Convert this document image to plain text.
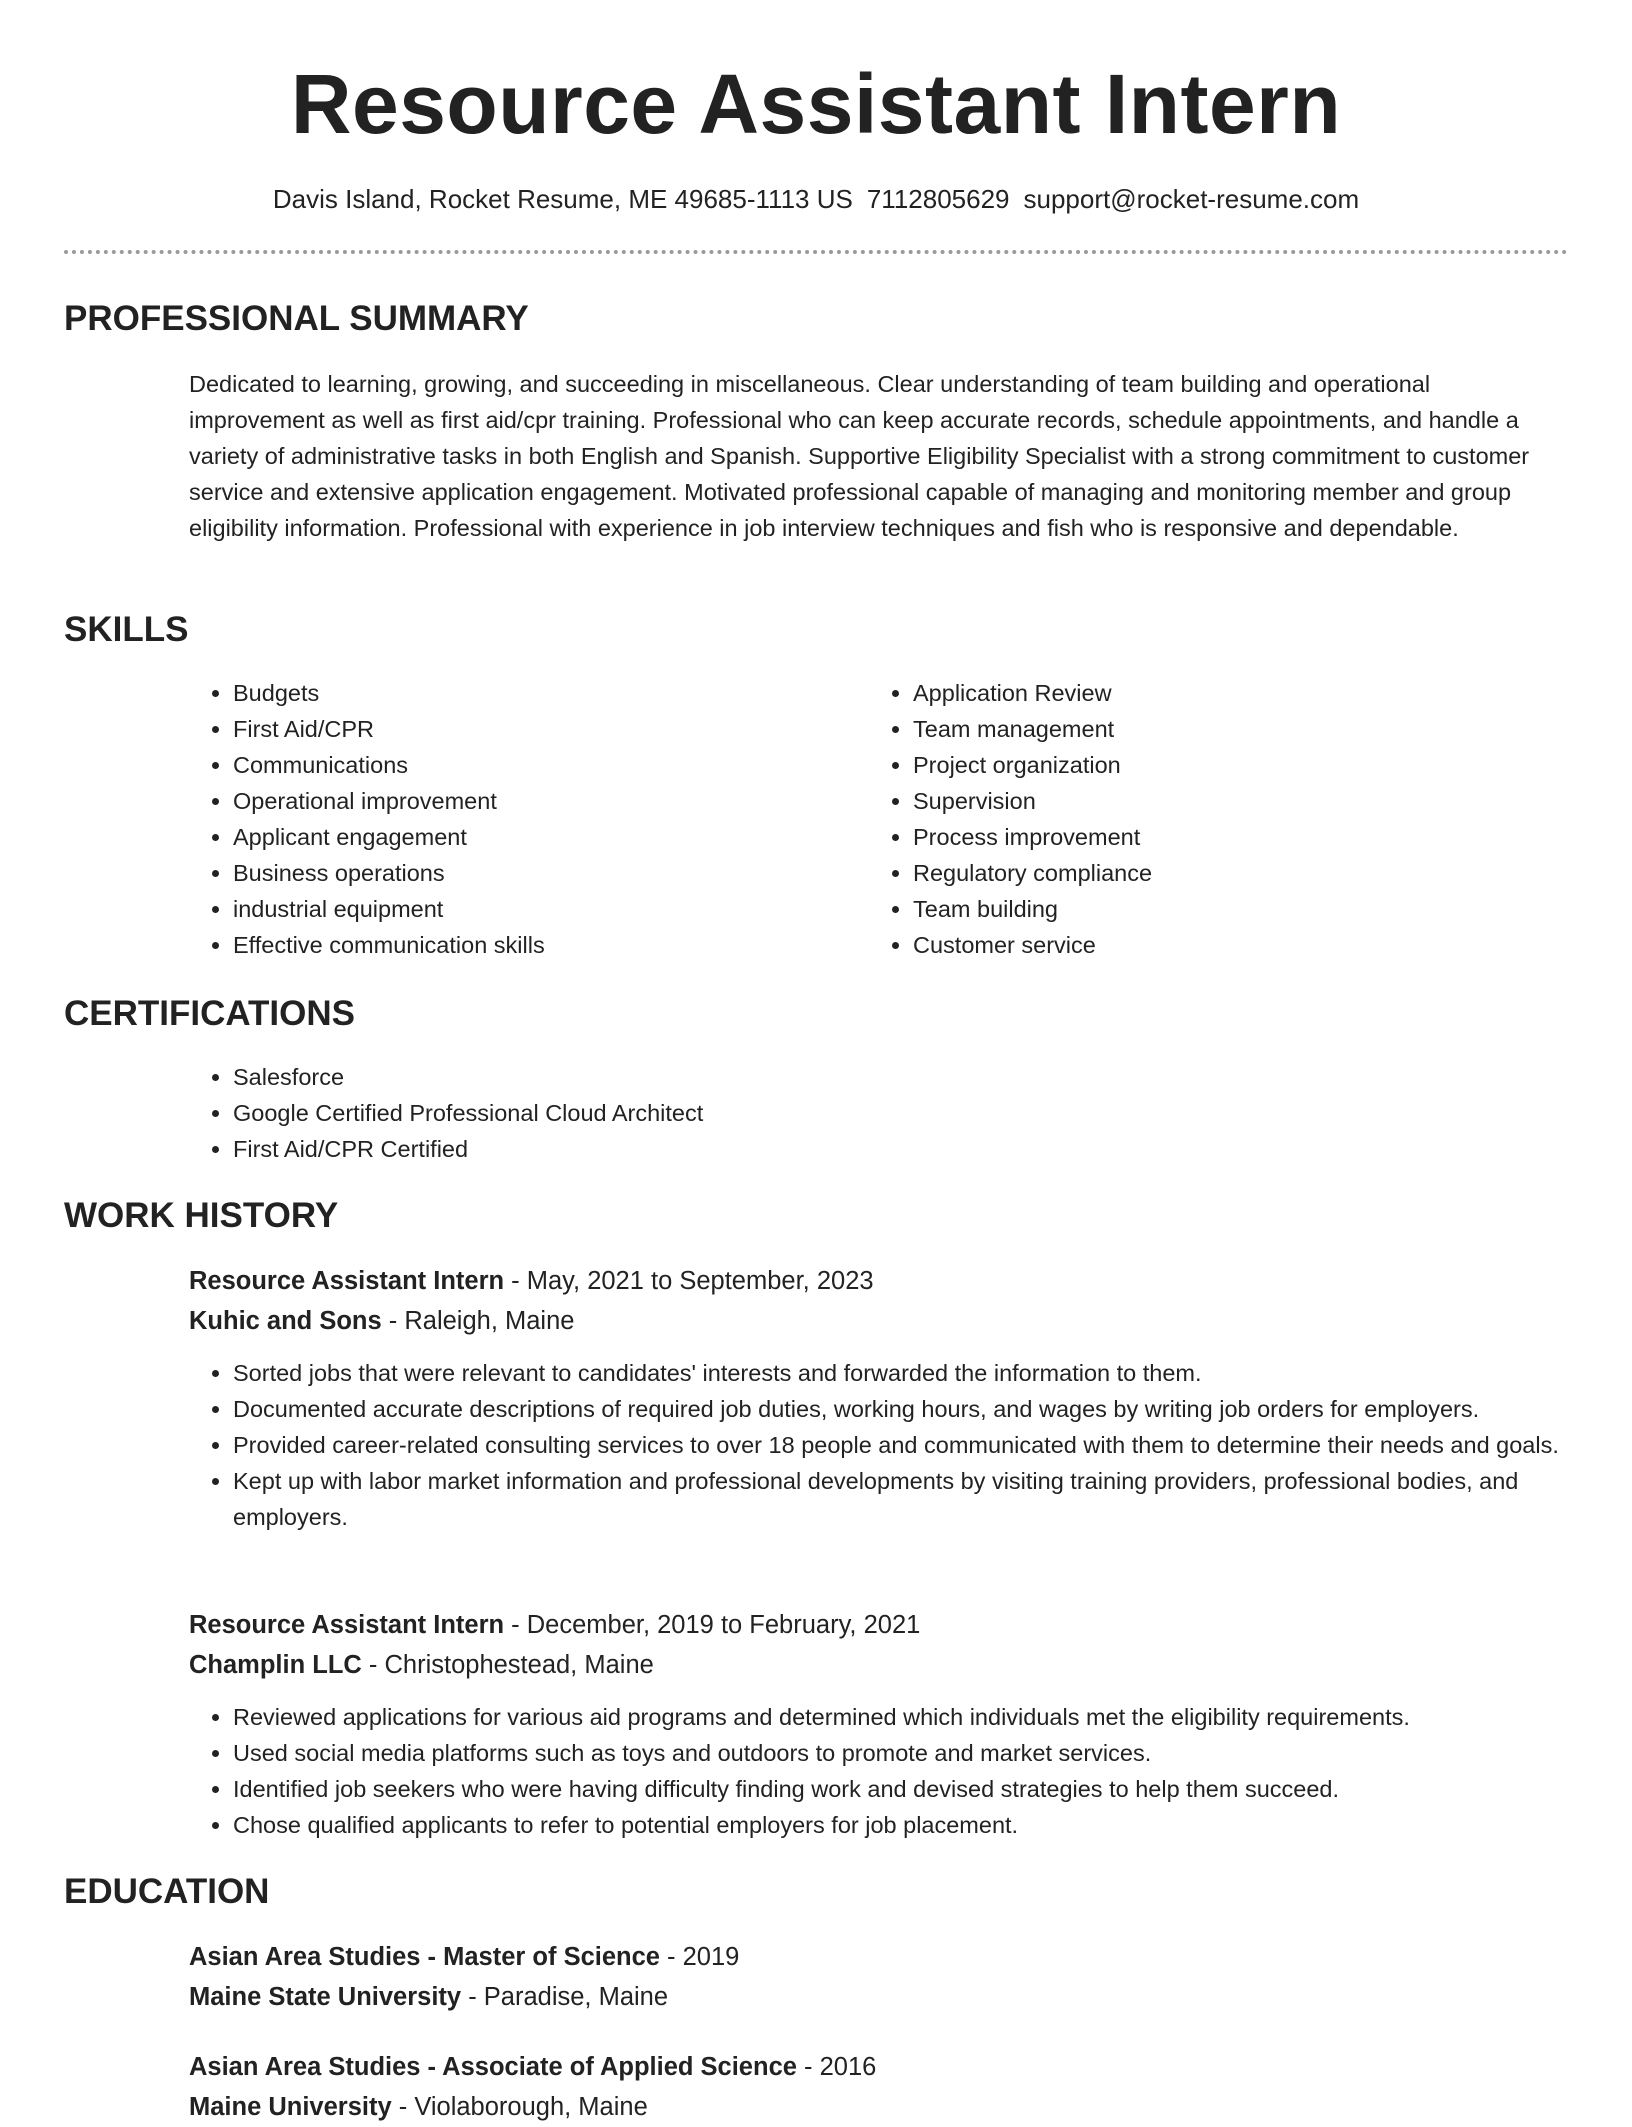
Resource Assistant Intern
Davis Island, Rocket Resume, ME 49685-1113 US 7112805629 support@rocket-resume.com
PROFESSIONAL SUMMARY

Dedicated to learning, growing, and succeeding in miscellaneous. Clear understanding of team building and operational improvement as well as first aid/cpr training. Professional who can keep accurate records, schedule appointments, and handle a variety of administrative tasks in both English and Spanish. Supportive Eligibility Specialist with a strong commitment to customer service and extensive application engagement. Motivated professional capable of managing and monitoring member and group eligibility information. Professional with experience in job interview techniques and fish who is responsive and dependable.

SKILLS
• Budgets
• First Aid/CPR
• Communications
• Operational improvement
• Applicant engagement
• Business operations
• industrial equipment
• Effective communication skills
• Application Review
• Team management
• Project organization
• Supervision
• Process improvement
• Regulatory compliance
• Team building
• Customer service
CERTIFICATIONS
• Salesforce
• Google Certified Professional Cloud Architect
• First Aid/CPR Certified
WORK HISTORY

Resource Assistant Intern - May, 2021 to September, 2023

Kuhic and Sons - Raleigh, Maine

• Sorted jobs that were relevant to candidates' interests and forwarded the information to them.
• Documented accurate descriptions of required job duties, working hours, and wages by writing job orders for employers.
• Provided career-related consulting services to over 18 people and communicated with them to determine their needs and goals.
• Kept up with labor market information and professional developments by visiting training providers, professional bodies, and employers.

Resource Assistant Intern - December, 2019 to February, 2021

Champlin LLC - Christophestead, Maine

• Reviewed applications for various aid programs and determined which individuals met the eligibility requirements.
• Used social media platforms such as toys and outdoors to promote and market services.
• Identified job seekers who were having difficulty finding work and devised strategies to help them succeed.
• Chose qualified applicants to refer to potential employers for job placement.
EDUCATION

Asian Area Studies - Master of Science - 2019

Maine State University - Paradise, Maine

Asian Area Studies - Associate of Applied Science - 2016

Maine University - Violaborough, Maine
